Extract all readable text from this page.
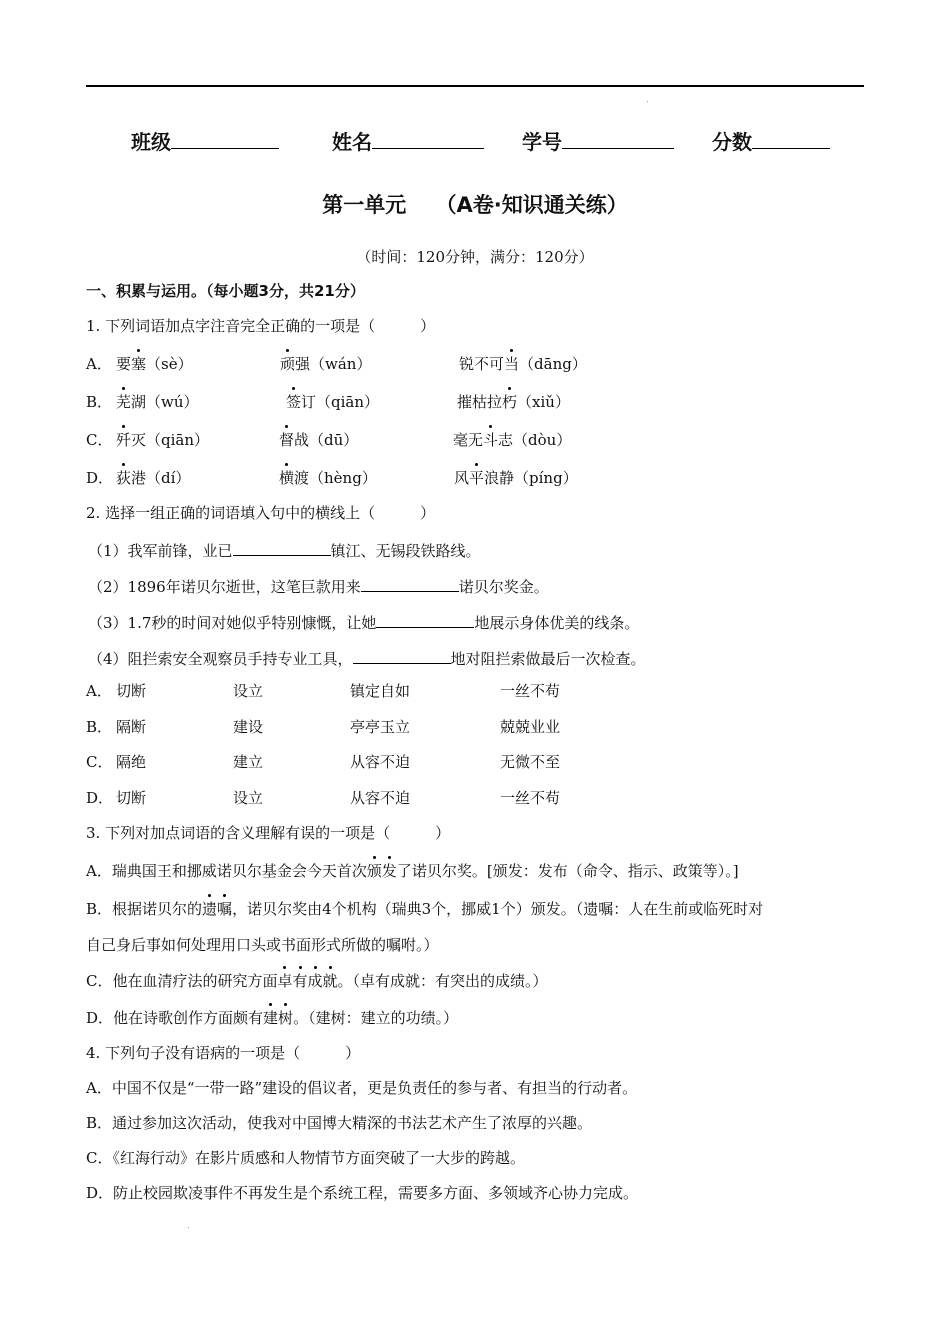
班级	姓名	学号	分数
第一单元    （A卷·知识通关练）
（时间：120分钟，满分：120分）
一、积累与运用。（每小题3分，共21分）
1. 下列词语加点字注音完全正确的一项是（　　　）
A． 要塞（sè）	顽强（wán）	锐不可当（dāng）
B． 芜湖（wú）	签订（qiān）	摧枯拉朽（xiǔ）
C． 歼灭（qiān）	督战（dū）	毫无斗志（dòu）
D． 荻港（dí）	横渡（hèng）	风平浪静（píng）
2. 选择一组正确的词语填入句中的横线上（　　　）
（1）我军前锋，业已	镇江、无锡段铁路线。
（2）1896年诺贝尔逝世，这笔巨款用来	诺贝尔奖金。
（3）1.7秒的时间对她似乎特别慷慨，让她	地展示身体优美的线条。
（4）阻拦索安全观察员手持专业工具，	地对阻拦索做最后一次检查。
A． 切断	设立	镇定自如	一丝不苟
B． 隔断	建设	亭亭玉立	兢兢业业
C． 隔绝	建立	从容不迫	无微不至
D． 切断	设立	从容不迫	一丝不苟
3. 下列对加点词语的含义理解有误的一项是（　　　）
A．瑞典国王和挪威诺贝尔基金会今天首次颁发了诺贝尔奖。[颁发：发布（命令、指示、政策等）。]
B．根据诺贝尔的遗嘱，诺贝尔奖由4个机构（瑞典3个，挪威1个）颁发。（遗嘱：人在生前或临死时对
自己身后事如何处理用口头或书面形式所做的嘱咐。）
C．他在血清疗法的研究方面卓有成就。（卓有成就：有突出的成绩。）
D．他在诗歌创作方面颇有建树。（建树：建立的功绩。）
4. 下列句子没有语病的一项是（　　　）
A．中国不仅是“一带一路”建设的倡议者，更是负责任的参与者、有担当的行动者。
B．通过参加这次活动，使我对中国博大精深的书法艺术产生了浓厚的兴趣。
C．《红海行动》在影片质感和人物情节方面突破了一大步的跨越。
D．防止校园欺凌事件不再发生是个系统工程，需要多方面、多领域齐心协力完成。
